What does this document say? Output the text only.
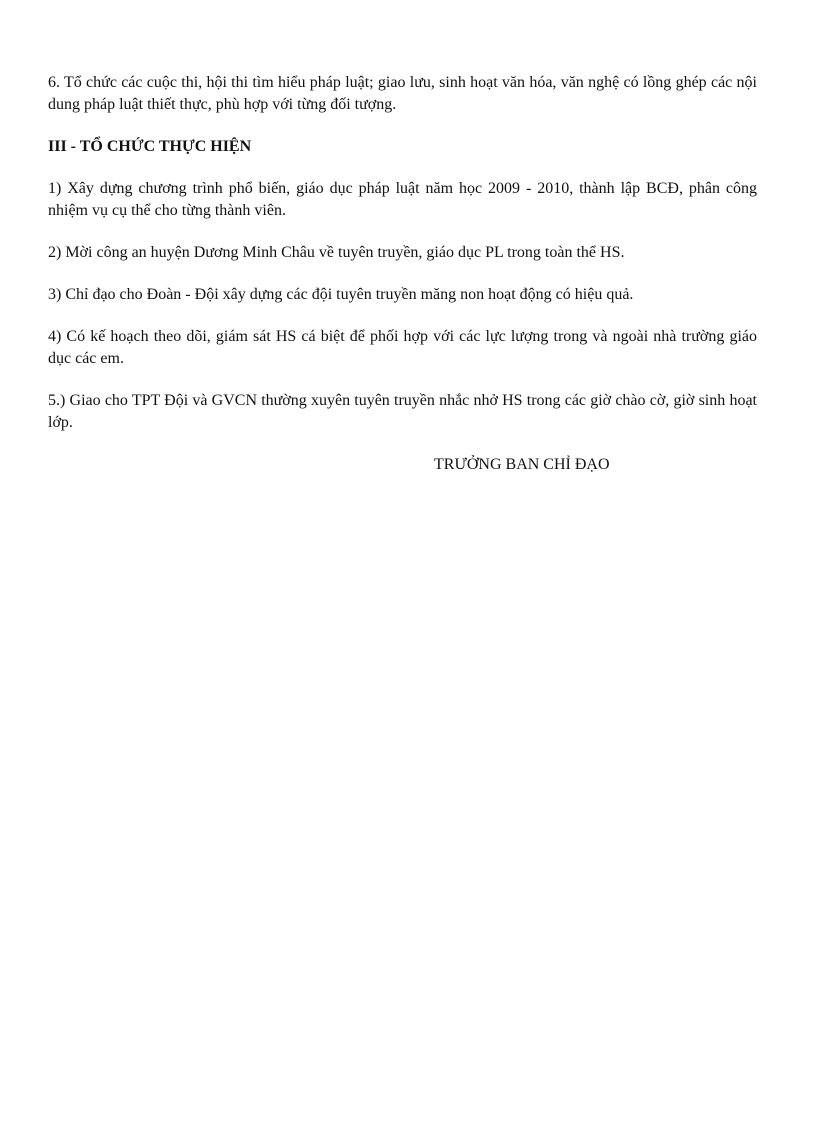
6. Tổ chức các cuộc thi, hội thi tìm hiểu pháp luật; giao lưu, sinh hoạt văn hóa, văn nghệ có lồng ghép các nội dung pháp luật thiết thực, phù hợp với từng đối tượng.

III - TỔ CHỨC THỰC HIỆN

1) Xây dựng chương trình phổ biến, giáo dục pháp luật năm học 2009 - 2010, thành lập BCĐ, phân công nhiệm vụ cụ thể cho từng thành viên.

2) Mời công an huyện Dương Minh Châu về tuyên truyền, giáo dục PL trong toàn thể HS.

3) Chỉ đạo cho Đoàn - Đội xây dựng các đội tuyên truyền măng non hoạt động có hiệu quả.

4) Có kế hoạch theo dõi, giám sát HS cá biệt để phối hợp với các lực lượng trong và ngoài nhà trường giáo dục các em.

5.) Giao cho TPT Đội và GVCN thường xuyên tuyên truyền nhắc nhở HS trong các giờ chào cờ, giờ sinh hoạt lớp.

TRƯỞNG BAN CHỈ ĐẠO
